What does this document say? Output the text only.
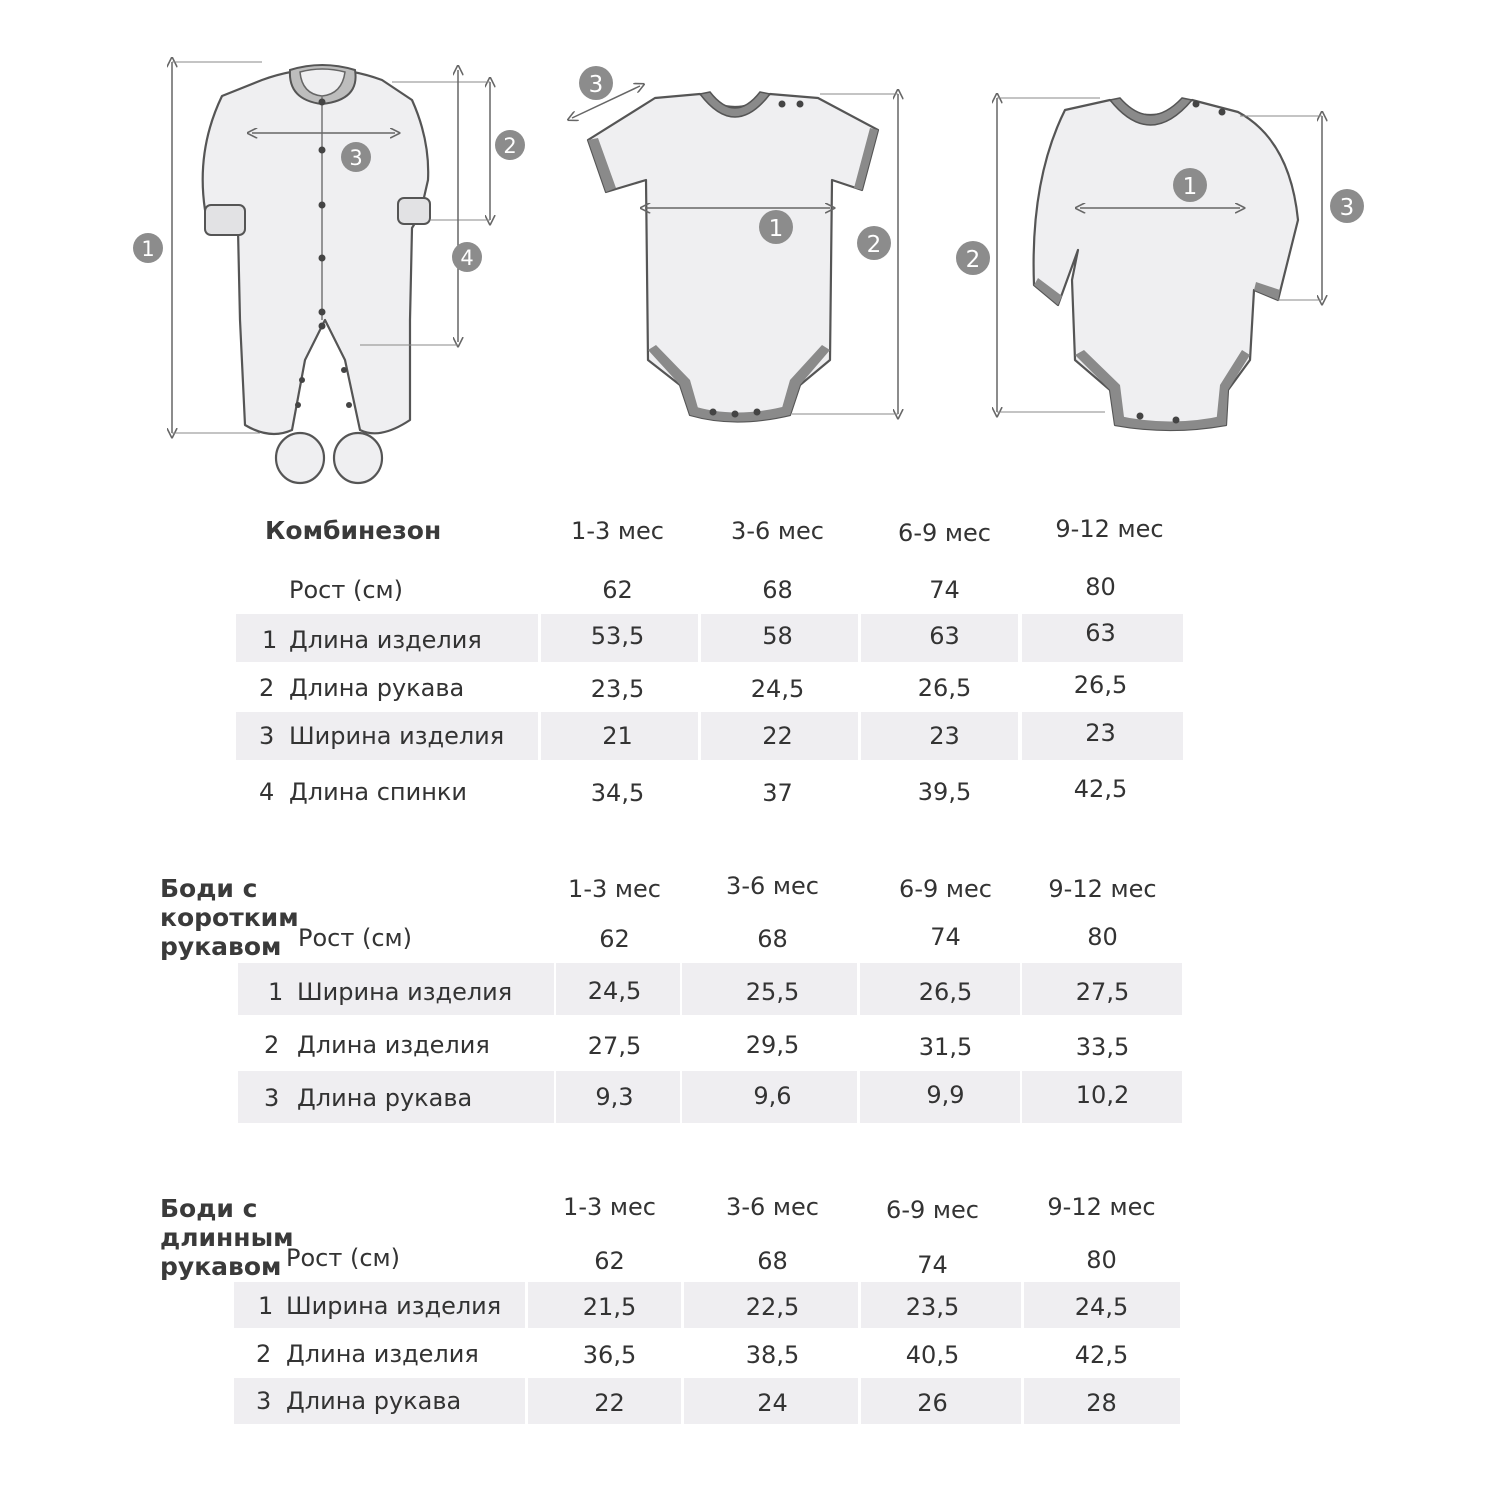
1
2
3
4
1
2
3
1
2
3
Комбинезон	1-3 мес	3-6 мес	6-9 мес	9-12 мес
Рост (см)	62	68	74	80
1 Длина изделия	53,5	58	63	63
2 Длина рукава	23,5	24,5	26,5	26,5
3 Ширина изделия	21	22	23	23
4 Длина спинки	34,5	37	39,5	42,5
Боди с коротким рукавом
1-3 мес	3-6 мес	6-9 мес	9-12 мес
Рост (см)	62	68	74	80
1 Ширина изделия	24,5	25,5	26,5	27,5
2 Длина изделия	27,5	29,5	31,5	33,5
3 Длина рукава	9,3	9,6	9,9	10,2
Боди с длинным рукавом
1-3 мес	3-6 мес	6-9 мес	9-12 мес
Рост (см)	62	68	74	80
1 Ширина изделия	21,5	22,5	23,5	24,5
2 Длина изделия	36,5	38,5	40,5	42,5
3 Длина рукава	22	24	26	28
